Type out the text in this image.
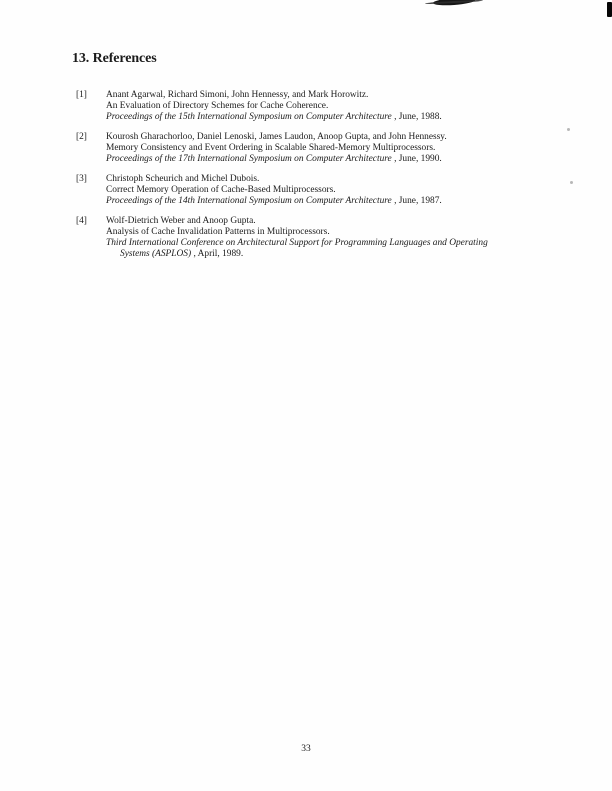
13. References
[1] Anant Agarwal, Richard Simoni, John Hennessy, and Mark Horowitz.
An Evaluation of Directory Schemes for Cache Coherence.
Proceedings of the 15th International Symposium on Computer Architecture , June, 1988.
[2] Kourosh Gharachorloo, Daniel Lenoski, James Laudon, Anoop Gupta, and John Hennessy.
Memory Consistency and Event Ordering in Scalable Shared-Memory Multiprocessors.
Proceedings of the 17th International Symposium on Computer Architecture , June, 1990.
[3] Christoph Scheurich and Michel Dubois.
Correct Memory Operation of Cache-Based Multiprocessors.
Proceedings of the 14th International Symposium on Computer Architecture , June, 1987.
[4] Wolf-Dietrich Weber and Anoop Gupta.
Analysis of Cache Invalidation Patterns in Multiprocessors.
Third International Conference on Architectural Support for Programming Languages and Operating
Systems (ASPLOS) , April, 1989.
33
